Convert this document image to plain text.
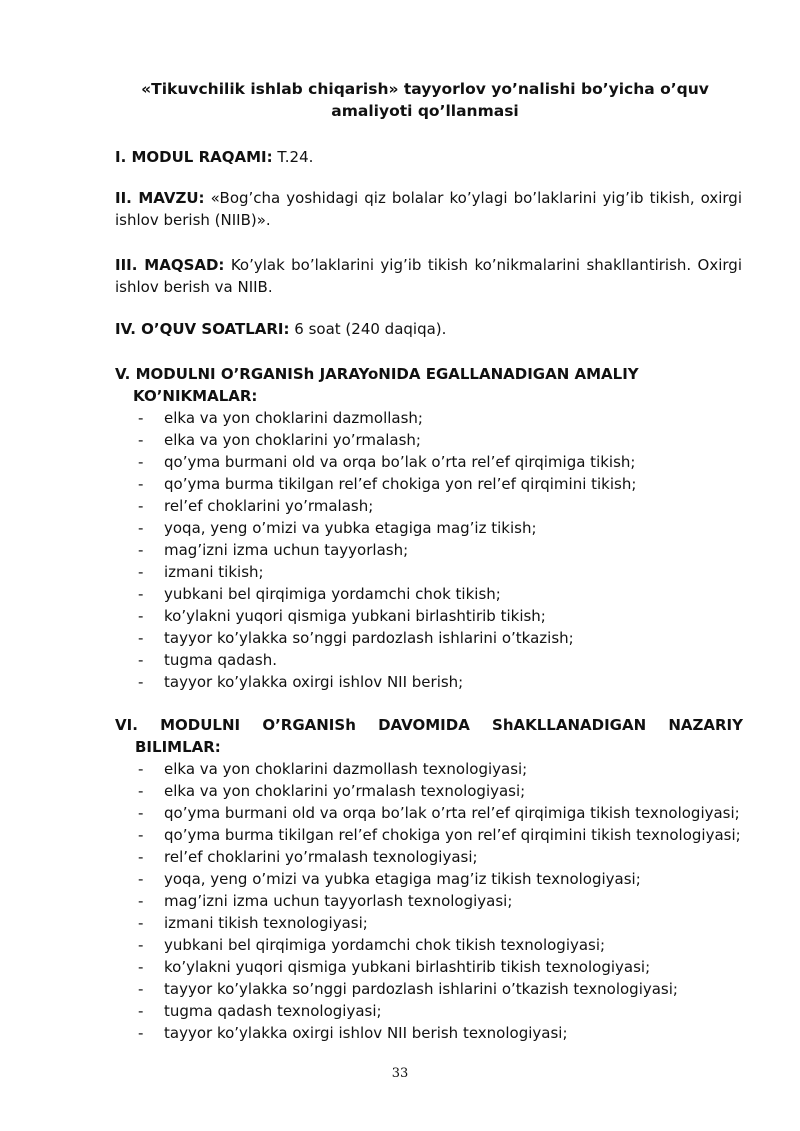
«Tikuvchilik ishlab chiqarish» tayyorlov yo’nalishi bo’yicha o’quv
amaliyoti qo’llanmasi
I. MODUL RAQAMI: T.24.
II. MAVZU: «Bog’cha yoshidagi qiz bolalar ko’ylagi bo’laklarini yig’ib tikish, oxirgi ishlov berish (NIIB)».
III. MAQSAD: Ko’ylak bo’laklarini yig’ib tikish ko’nikmalarini shakllantirish. Oxirgi ishlov berish va NIIB.
IV. O’QUV SOATLARI: 6 soat (240 daqiqa).
V. MODULNI O’RGANISh JARAYoNIDA EGALLANADIGAN AMALIY
KO’NIKMALAR:
- elka va yon choklarini dazmollash;
- elka va yon choklarini yo’rmalash;
- qo’yma burmani old va orqa bo’lak o’rta rel’ef qirqimiga tikish;
- qo’yma burma tikilgan rel’ef chokiga yon rel’ef qirqimini tikish;
- rel’ef choklarini yo’rmalash;
- yoqa, yeng o’mizi va yubka etagiga mag’iz tikish;
- mag’izni izma uchun tayyorlash;
- izmani tikish;
- yubkani bel qirqimiga yordamchi chok tikish;
- ko’ylakni yuqori qismiga yubkani birlashtirib tikish;
- tayyor ko’ylakka so’nggi pardozlash ishlarini o’tkazish;
- tugma qadash.
- tayyor ko’ylakka oxirgi ishlov NII berish;
VI. MODULNI O’RGANISh DAVOMIDA ShAKLLANADIGAN NAZARIY
BILIMLAR:
- elka va yon choklarini dazmollash texnologiyasi;
- elka va yon choklarini yo’rmalash texnologiyasi;
- qo’yma burmani old va orqa bo’lak o’rta rel’ef qirqimiga tikish texnologiyasi;
- qo’yma burma tikilgan rel’ef chokiga yon rel’ef qirqimini tikish texnologiyasi;
- rel’ef choklarini yo’rmalash texnologiyasi;
- yoqa, yeng o’mizi va yubka etagiga mag’iz tikish texnologiyasi;
- mag’izni izma uchun tayyorlash texnologiyasi;
- izmani tikish texnologiyasi;
- yubkani bel qirqimiga yordamchi chok tikish texnologiyasi;
- ko’ylakni yuqori qismiga yubkani birlashtirib tikish texnologiyasi;
- tayyor ko’ylakka so’nggi pardozlash ishlarini o’tkazish texnologiyasi;
- tugma qadash texnologiyasi;
- tayyor ko’ylakka oxirgi ishlov NII berish texnologiyasi;
33
